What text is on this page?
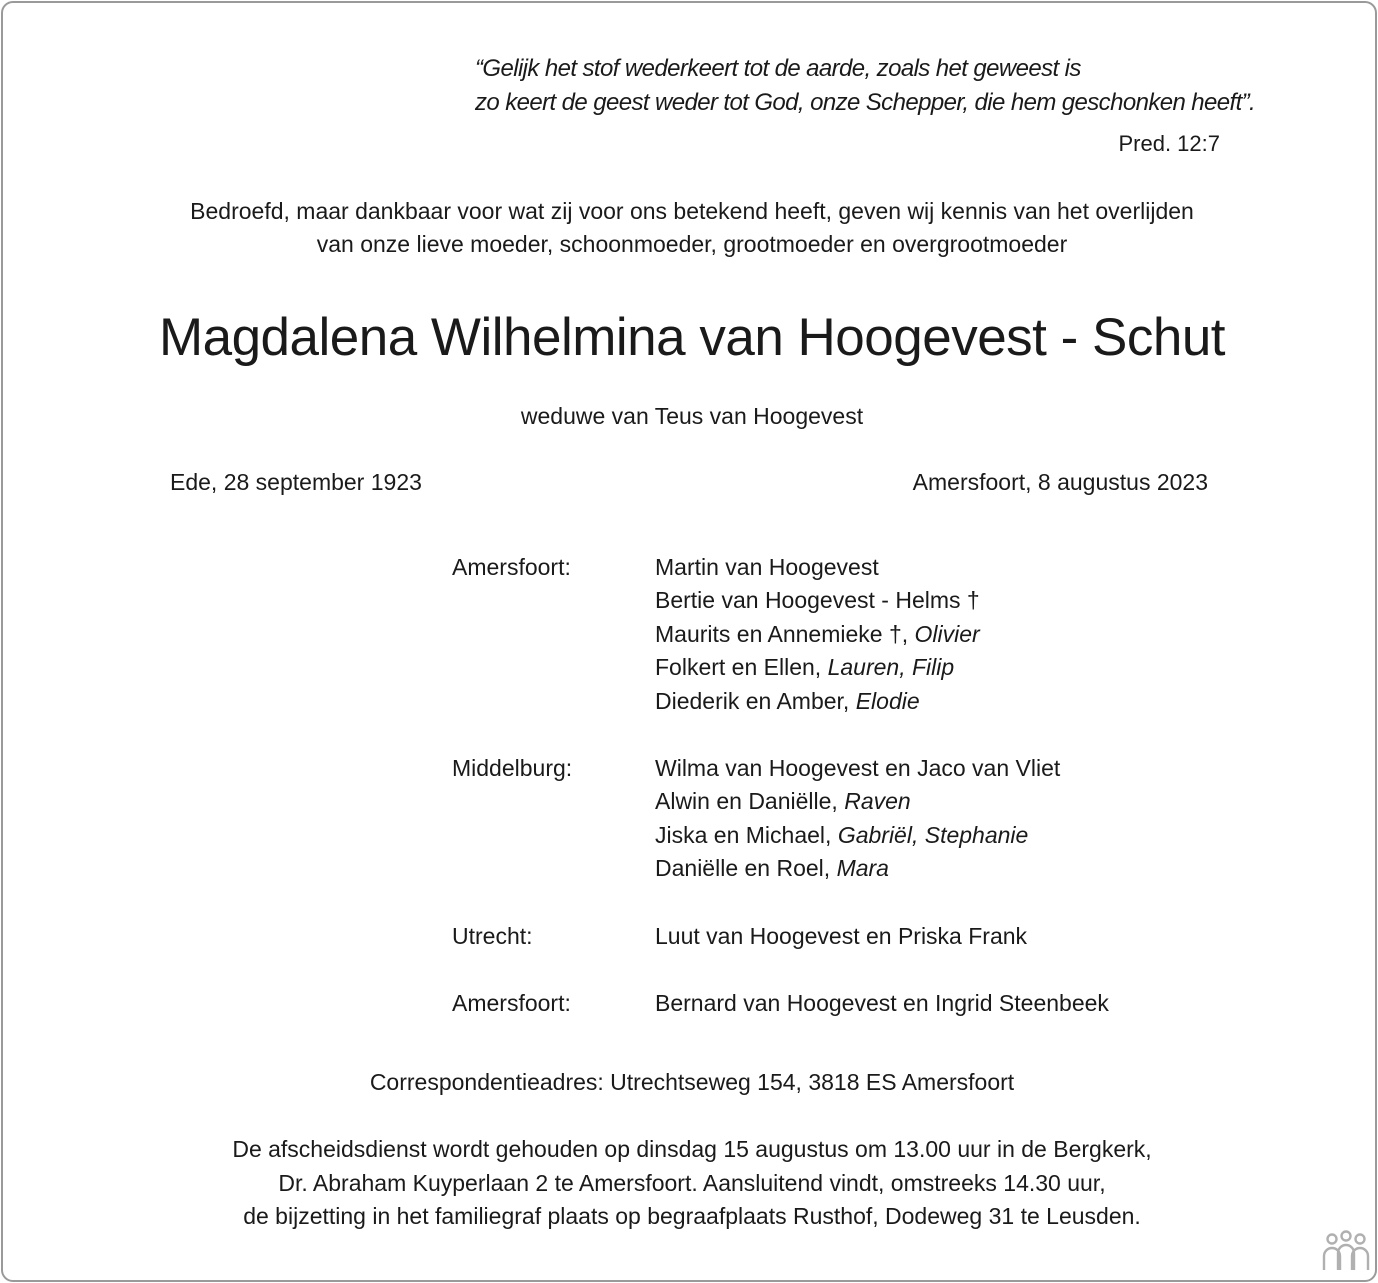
“Gelijk het stof wederkeert tot de aarde, zoals het geweest is
zo keert de geest weder tot God, onze Schepper, die hem geschonken heeft”.
Pred. 12:7
Bedroefd, maar dankbaar voor wat zij voor ons betekend heeft, geven wij kennis van het overlijden
van onze lieve moeder, schoonmoeder, grootmoeder en overgrootmoeder
Magdalena Wilhelmina van Hoogevest - Schut
weduwe van Teus van Hoogevest
Ede, 28 september 1923	Amersfoort, 8 augustus 2023
Amersfoort:	Martin van Hoogevest
Bertie van Hoogevest - Helms †
Maurits en Annemieke †, Olivier
Folkert en Ellen, Lauren, Filip
Diederik en Amber, Elodie
Middelburg:	Wilma van Hoogevest en Jaco van Vliet
Alwin en Daniëlle, Raven
Jiska en Michael, Gabriël, Stephanie
Daniëlle en Roel, Mara
Utrecht:	Luut van Hoogevest en Priska Frank
Amersfoort:	Bernard van Hoogevest en Ingrid Steenbeek
Correspondentieadres: Utrechtseweg 154, 3818 ES Amersfoort
De afscheidsdienst wordt gehouden op dinsdag 15 augustus om 13.00 uur in de Bergkerk,
Dr. Abraham Kuyperlaan 2 te Amersfoort. Aansluitend vindt, omstreeks 14.30 uur,
de bijzetting in het familiegraf plaats op begraafplaats Rusthof, Dodeweg 31 te Leusden.
